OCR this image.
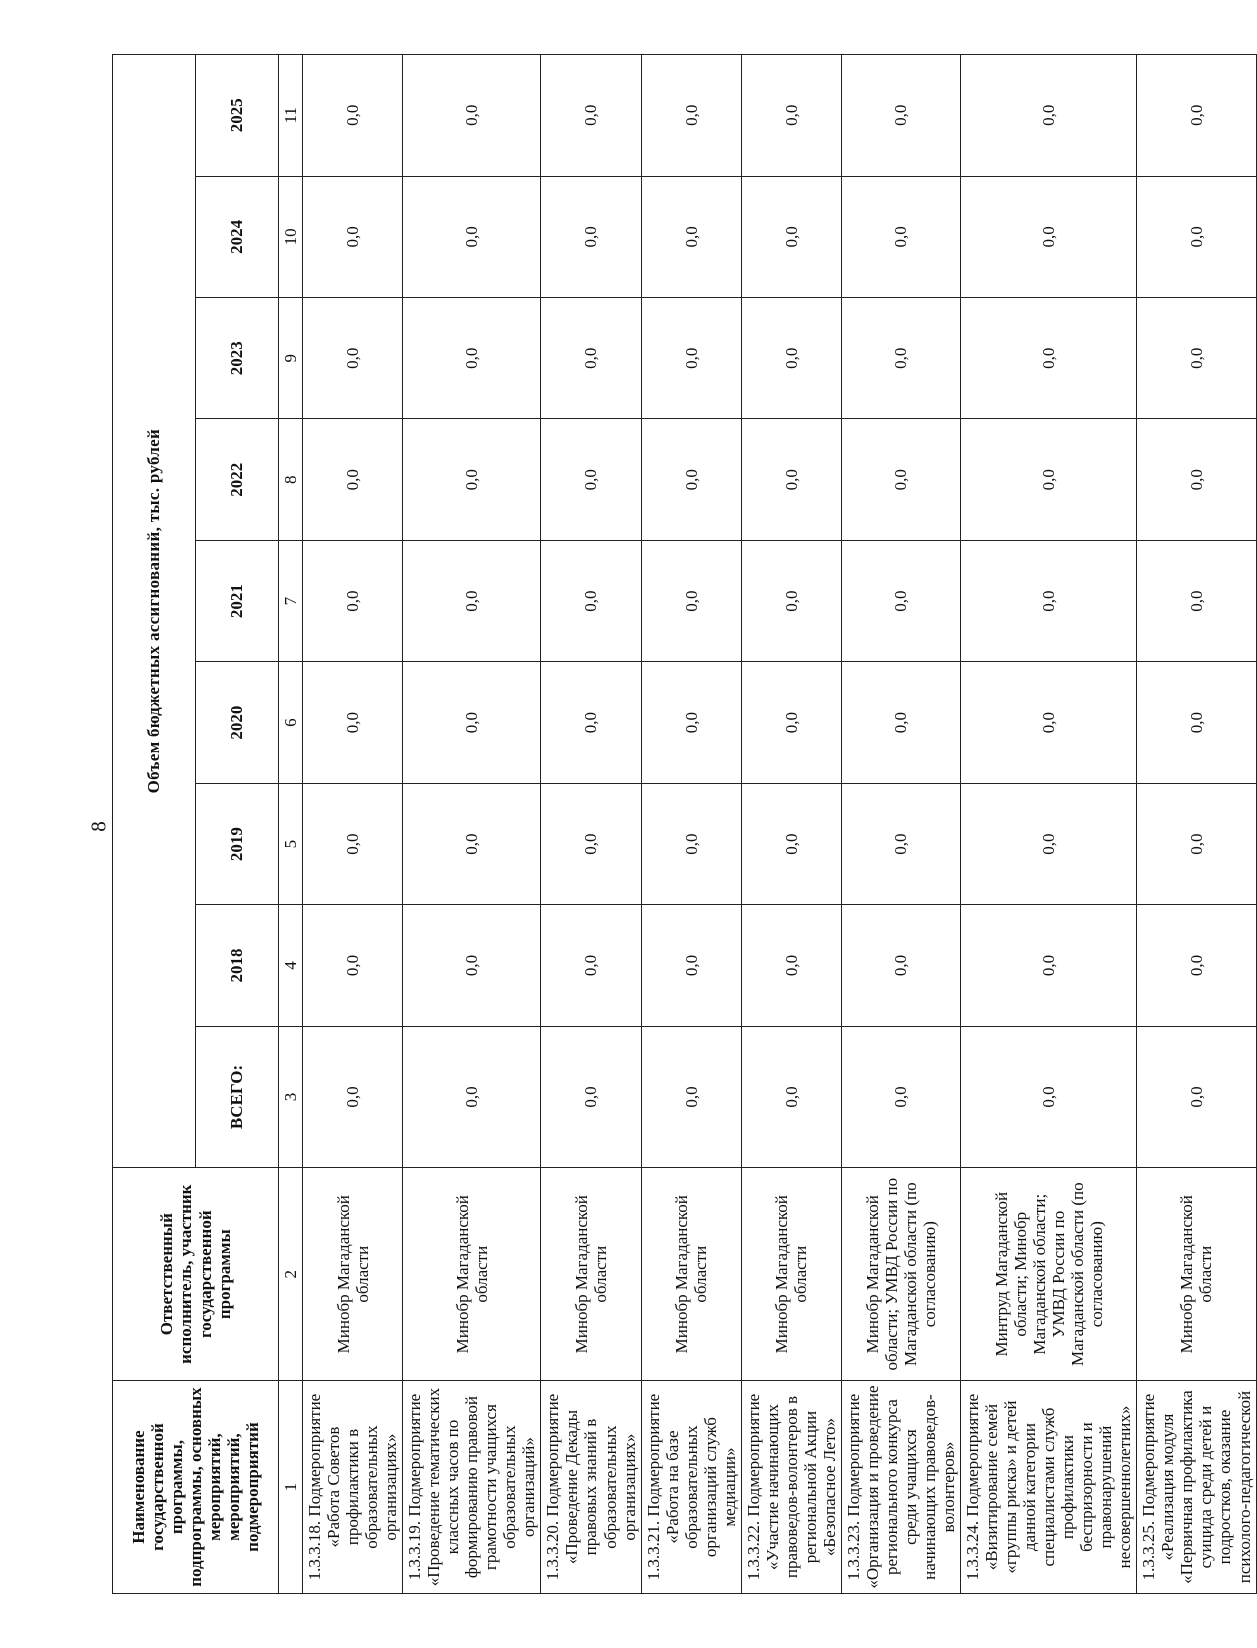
8
Наименование государственной программы, подпрограммы, основных мероприятий, мероприятий, подмероприятий	Ответственный исполнитель, участник государственной программы	Объем бюджетных ассигнований, тыс. рублей								
		ВСЕГО:	2018	2019	2020	2021	2022	2023	2024	2025
1	2	3	4	5	6	7	8	9	10	11
1.3.3.18. Подмероприятие «Работа Советов профилактики в образовательных организациях»	Минобр Магаданской области	0,0	0,0	0,0	0,0	0,0	0,0	0,0	0,0	0,0
1.3.3.19. Подмероприятие «Проведение тематических классных часов по формированию правовой грамотности учащихся образовательных организаций»	Минобр Магаданской области	0,0	0,0	0,0	0,0	0,0	0,0	0,0	0,0	0,0
1.3.3.20. Подмероприятие «Проведение Декады правовых знаний в образовательных организациях»	Минобр Магаданской области	0,0	0,0	0,0	0,0	0,0	0,0	0,0	0,0	0,0
1.3.3.21. Подмероприятие «Работа на базе образовательных организаций служб медиации»	Минобр Магаданской области	0,0	0,0	0,0	0,0	0,0	0,0	0,0	0,0	0,0
1.3.3.22. Подмероприятие «Участие начинающих правоведов-волонтеров в региональной Акции «Безопасное Лето»	Минобр Магаданской области	0,0	0,0	0,0	0,0	0,0	0,0	0,0	0,0	0,0
1.3.3.23. Подмероприятие «Организация и проведение регионального конкурса среди учащихся начинающих правоведов-волонтеров»	Минобр Магаданской области; УМВД России по Магаданской области (по согласованию)	0,0	0,0	0,0	0,0	0,0	0,0	0,0	0,0	0,0
1.3.3.24. Подмероприятие «Визитирование семей «группы риска» и детей данной категории специалистами служб профилактики беспризорности и правонарушений несовершеннолетних»	Минтруд Магаданской области; Минобр Магаданской области; УМВД России по Магаданской области (по согласованию)	0,0	0,0	0,0	0,0	0,0	0,0	0,0	0,0	0,0
1.3.3.25. Подмероприятие «Реализация модуля «Первичная профилактика суицида среди детей и подростков, оказание психолого-педагогической	Минобр Магаданской области	0,0	0,0	0,0	0,0	0,0	0,0	0,0	0,0	0,0
